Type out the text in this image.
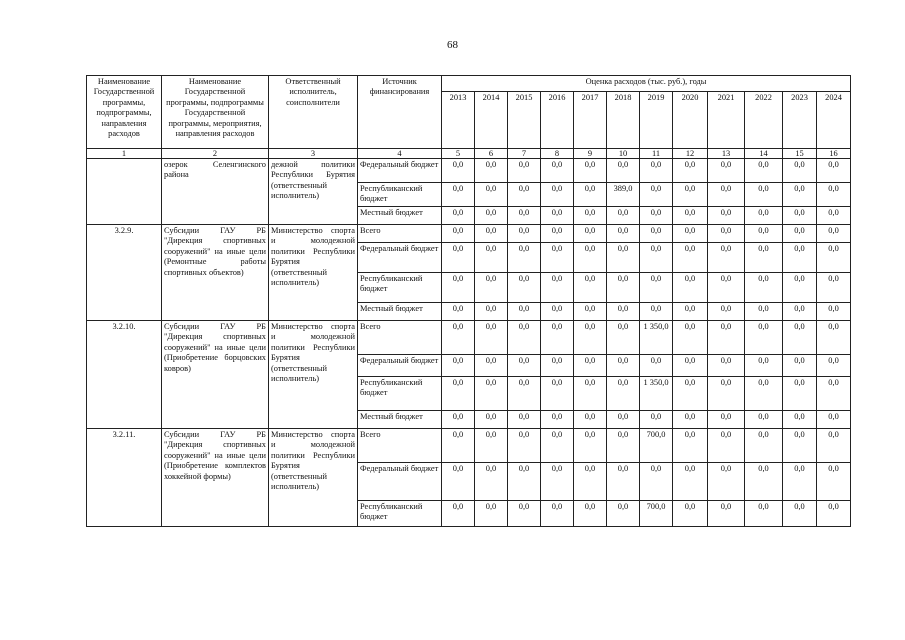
68
Наименование Государственной программы, подпрограммы, направления расходов	Наименование Государственной программы, подпрограммы Государственной программы, мероприятия, направления расходов	Ответственный исполнитель, соисполнители	Источник финансирования	Оценка расходов (тыс. руб.), годы											
				2013	2014	2015	2016	2017	2018	2019	2020	2021	2022	2023	2024
1	2	3	4	5	6	7	8	9	10	11	12	13	14	15	16
	озерок Селенгинского района	дежной политики Республики Бурятия (ответственный исполнитель)	Федеральный бюджет	0,0	0,0	0,0	0,0	0,0	0,0	0,0	0,0	0,0	0,0	0,0	0,0
			Республиканский бюджет	0,0	0,0	0,0	0,0	0,0	389,0	0,0	0,0	0,0	0,0	0,0	0,0
			Местный бюджет	0,0	0,0	0,0	0,0	0,0	0,0	0,0	0,0	0,0	0,0	0,0	0,0
3.2.9.	Субсидии ГАУ РБ "Дирекция спортивных сооружений" на иные цели (Ремонтные работы спортивных объектов)	Министерство спорта и молодежной политики Республики Бурятия (ответственный исполнитель)	Всего	0,0	0,0	0,0	0,0	0,0	0,0	0,0	0,0	0,0	0,0	0,0	0,0
			Федеральный бюджет	0,0	0,0	0,0	0,0	0,0	0,0	0,0	0,0	0,0	0,0	0,0	0,0
			Республиканский бюджет	0,0	0,0	0,0	0,0	0,0	0,0	0,0	0,0	0,0	0,0	0,0	0,0
			Местный бюджет	0,0	0,0	0,0	0,0	0,0	0,0	0,0	0,0	0,0	0,0	0,0	0,0
3.2.10.	Субсидии ГАУ РБ "Дирекция спортивных сооружений" на иные цели (Приобретение борцовских ковров)	Министерство спорта и молодежной политики Республики Бурятия (ответственный исполнитель)	Всего	0,0	0,0	0,0	0,0	0,0	0,0	1 350,0	0,0	0,0	0,0	0,0	0,0
			Федеральный бюджет	0,0	0,0	0,0	0,0	0,0	0,0	0,0	0,0	0,0	0,0	0,0	0,0
			Республиканский бюджет	0,0	0,0	0,0	0,0	0,0	0,0	1 350,0	0,0	0,0	0,0	0,0	0,0
			Местный бюджет	0,0	0,0	0,0	0,0	0,0	0,0	0,0	0,0	0,0	0,0	0,0	0,0
3.2.11.	Субсидии ГАУ РБ "Дирекция спортивных сооружений" на иные цели (Приобретение комплектов хоккейной формы)	Министерство спорта и молодежной политики Республики Бурятия (ответственный исполнитель)	Всего	0,0	0,0	0,0	0,0	0,0	0,0	700,0	0,0	0,0	0,0	0,0	0,0
			Федеральный бюджет	0,0	0,0	0,0	0,0	0,0	0,0	0,0	0,0	0,0	0,0	0,0	0,0
			Республиканский бюджет	0,0	0,0	0,0	0,0	0,0	0,0	700,0	0,0	0,0	0,0	0,0	0,0
